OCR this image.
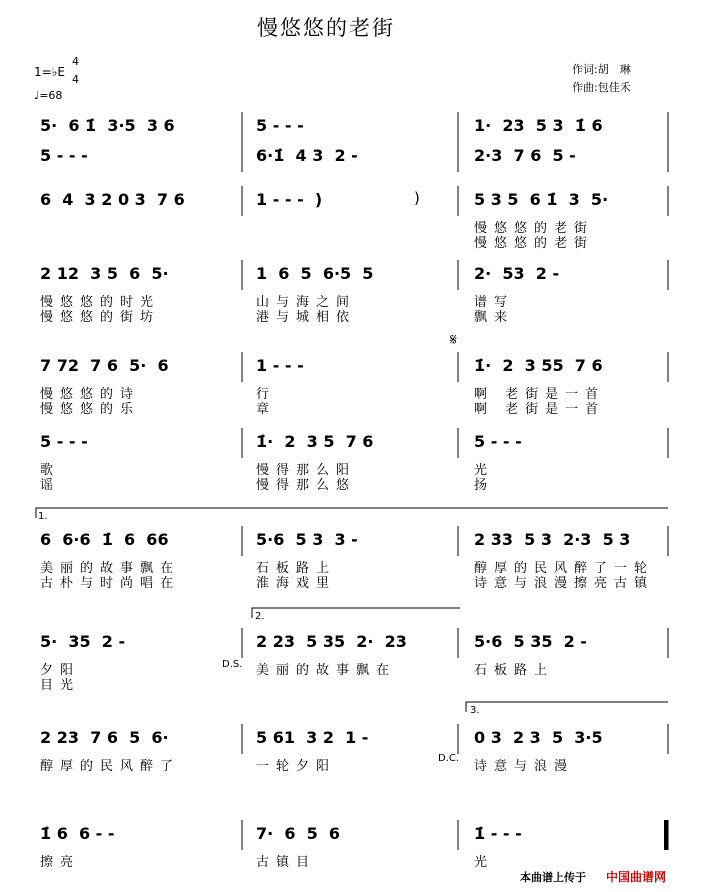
慢悠悠的老街
1=♭E
4
4
♩=68
作词:胡　琳
作曲:包佳禾
5·  6 1̇  3·5  3 6	5 - - -	1·  23  5 3  1̇ 6
5 - - -	6·1̇  4 3  2 -	2·3  7 6  5 -
6  4  3 2 0 3  7 6	1 - - -  )	5 3 5  6 1̇  3  5·
慢悠悠的老街
慢悠悠的老街
2 12  3 5  6  5·	1  6  5  6·5  5	2·  53  2 -
慢悠悠的时光	山与海之间	谱写
慢悠悠的街坊	港与城相依	飘来
7 72  7 6  5·  6	1 - - -	1̇·  2  3 55  7 6
慢悠悠的诗	行	啊 老街是一首
慢悠悠的乐	章	啊 老街是一首
5 - - -	1̇·  2  3 5  7 6	5 - - -
歌	慢得那么阳	光
谣	慢得那么悠	扬
6  6·6  1̇  6  66	5·6  5 3  3 -	2 33  5 3  2·3  5 3
美丽的故事飘在	石板路上	醇厚的民风醉了一轮
古朴与时尚唱在	淮海戏里	诗意与浪漫擦亮古镇
5·  35  2 -	2 23  5 35  2·  23	5·6  5 35  2 -
夕阳	美丽的故事飘在	石板路上
目光
2 23  7 6  5  6·	5 61  3 2  1 -	0 3  2 3  5  3·5
醇厚的民风醉了	一轮夕阳	诗意与浪漫
1̇ 6  6 - -	7·  6  5  6	1̇ - - -
擦亮	古镇目	光
)
1.
2.
3.
D.S.
D.C.
𝄋
本曲谱上传于 中国曲谱网
